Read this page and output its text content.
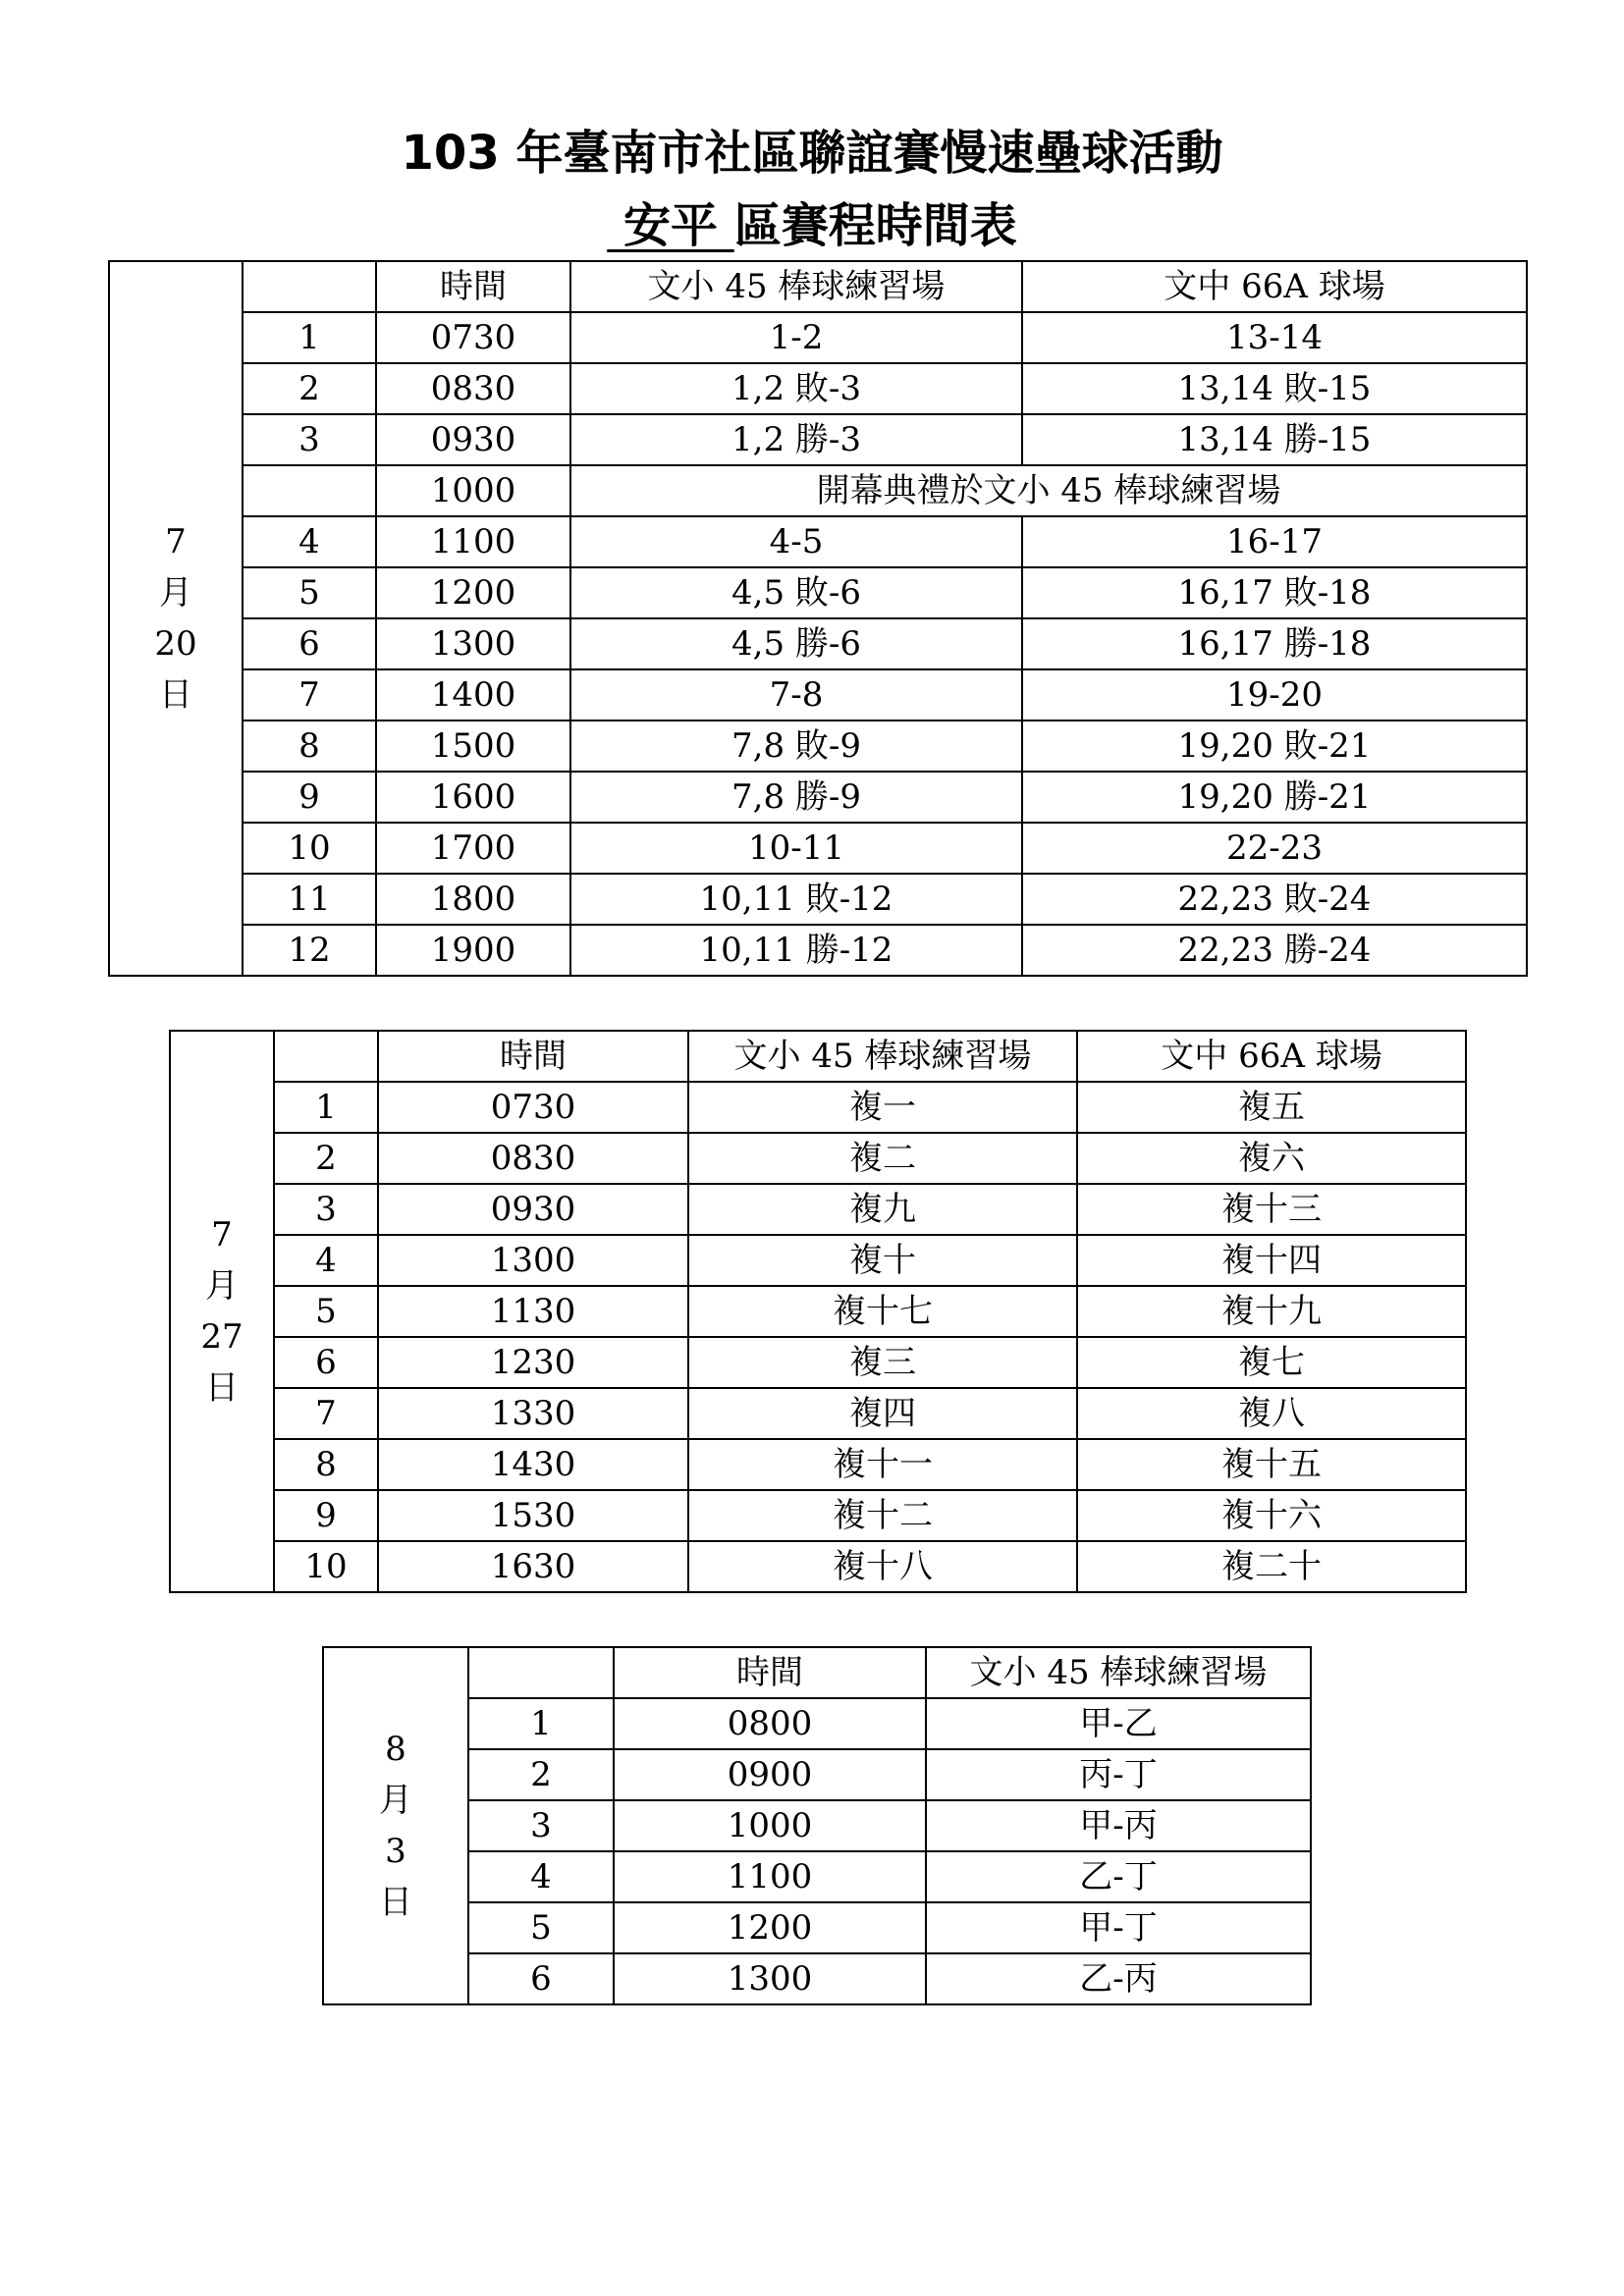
103 年臺南市社區聯誼賽慢速壘球活動
安平 區賽程時間表
7
月
20
日		時間	文小 45 棒球練習場	文中 66A 球場
	1	0730	1-2	13-14
	2	0830	1,2 敗-3	13,14 敗-15
	3	0930	1,2 勝-3	13,14 勝-15
		1000	開幕典禮於文小 45 棒球練習場	
	4	1100	4-5	16-17
	5	1200	4,5 敗-6	16,17 敗-18
	6	1300	4,5 勝-6	16,17 勝-18
	7	1400	7-8	19-20
	8	1500	7,8 敗-9	19,20 敗-21
	9	1600	7,8 勝-9	19,20 勝-21
	10	1700	10-11	22-23
	11	1800	10,11 敗-12	22,23 敗-24
	12	1900	10,11 勝-12	22,23 勝-24
7
月
27
日		時間	文小 45 棒球練習場	文中 66A 球場
	1	0730	複一	複五
	2	0830	複二	複六
	3	0930	複九	複十三
	4	1300	複十	複十四
	5	1130	複十七	複十九
	6	1230	複三	複七
	7	1330	複四	複八
	8	1430	複十一	複十五
	9	1530	複十二	複十六
	10	1630	複十八	複二十
8
月
3
日		時間	文小 45 棒球練習場
	1	0800	甲-乙
	2	0900	丙-丁
	3	1000	甲-丙
	4	1100	乙-丁
	5	1200	甲-丁
	6	1300	乙-丙
